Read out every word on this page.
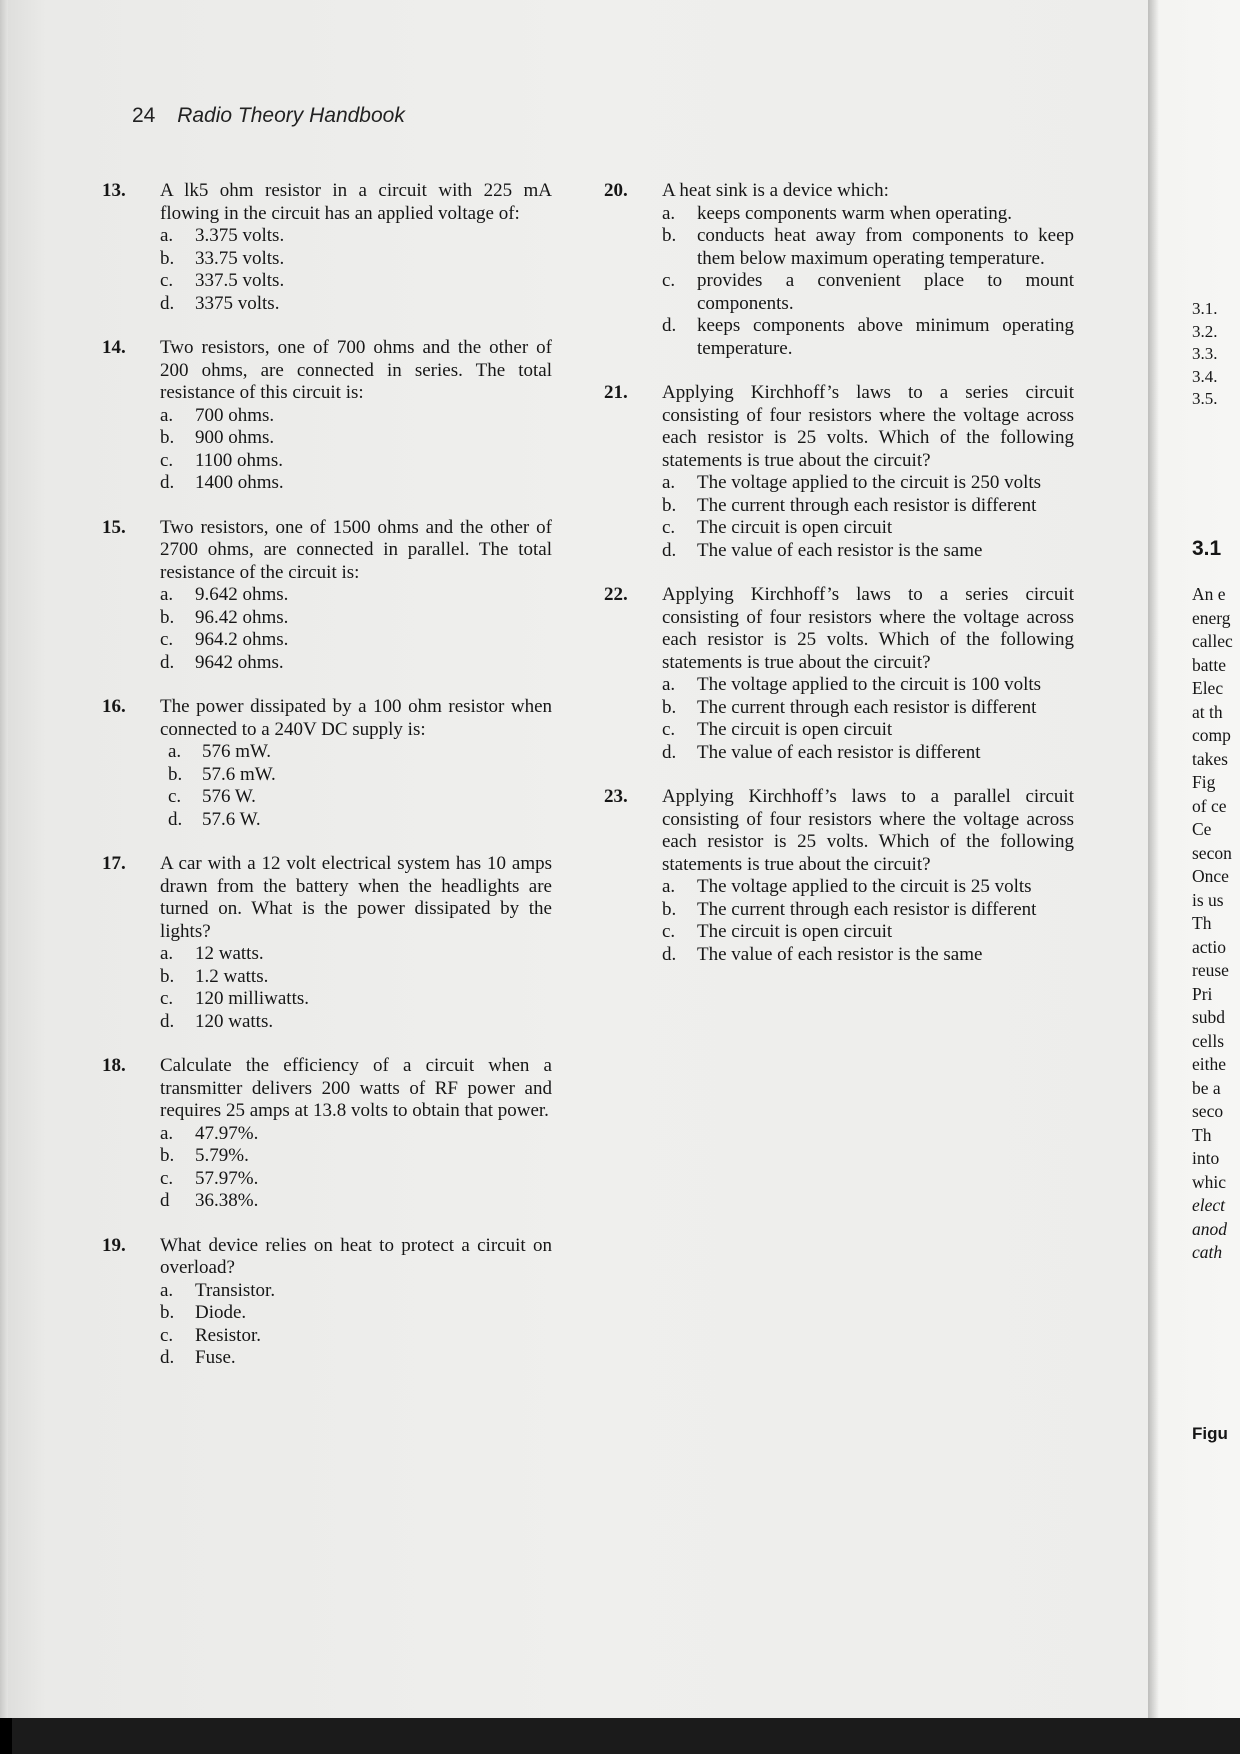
24 Radio Theory Handbook
13. A lk5 ohm resistor in a circuit with 225 mA flowing in the circuit has an applied voltage of:
a. 3.375 volts.
b. 33.75 volts.
c. 337.5 volts.
d. 3375 volts.
14. Two resistors, one of 700 ohms and the other of 200 ohms, are connected in series. The total resistance of this circuit is:
a. 700 ohms.
b. 900 ohms.
c. 1100 ohms.
d. 1400 ohms.
15. Two resistors, one of 1500 ohms and the other of 2700 ohms, are connected in parallel. The total resistance of the circuit is:
a. 9.642 ohms.
b. 96.42 ohms.
c. 964.2 ohms.
d. 9642 ohms.
16. The power dissipated by a 100 ohm resistor when connected to a 240V DC supply is:
a. 576 mW.
b. 57.6 mW.
c. 576 W.
d. 57.6 W.
17. A car with a 12 volt electrical system has 10 amps drawn from the battery when the headlights are turned on. What is the power dissipated by the lights?
a. 12 watts.
b. 1.2 watts.
c. 120 milliwatts.
d. 120 watts.
18. Calculate the efficiency of a circuit when a transmitter delivers 200 watts of RF power and requires 25 amps at 13.8 volts to obtain that power.
a. 47.97%.
b. 5.79%.
c. 57.97%.
d 36.38%.
19. What device relies on heat to protect a circuit on overload?
a. Transistor.
b. Diode.
c. Resistor.
d. Fuse.
20. A heat sink is a device which:
a. keeps components warm when operating.
b. conducts heat away from components to keep them below maximum operating temperature.
c. provides a convenient place to mount components.
d. keeps components above minimum operating temperature.
21. Applying Kirchhoff’s laws to a series circuit consisting of four resistors where the voltage across each resistor is 25 volts. Which of the following statements is true about the circuit?
a. The voltage applied to the circuit is 250 volts
b. The current through each resistor is different
c. The circuit is open circuit
d. The value of each resistor is the same
22. Applying Kirchhoff’s laws to a series circuit consisting of four resistors where the voltage across each resistor is 25 volts. Which of the following statements is true about the circuit?
a. The voltage applied to the circuit is 100 volts
b. The current through each resistor is different
c. The circuit is open circuit
d. The value of each resistor is different
23. Applying Kirchhoff’s laws to a parallel circuit consisting of four resistors where the voltage across each resistor is 25 volts. Which of the following statements is true about the circuit?
a. The voltage applied to the circuit is 25 volts
b. The current through each resistor is different
c. The circuit is open circuit
d. The value of each resistor is the same
3.1.
3.2.
3.3.
3.4.
3.5.
3.1
An e
energ
callec
batte
Elec
at th
comp
takes
Fig
of ce
Ce
secon
Once
is us
Th
actio
reuse
Pri
subd
cells
eithe
be a
seco
Th
into
whic
elect
anod
cath
Figu
